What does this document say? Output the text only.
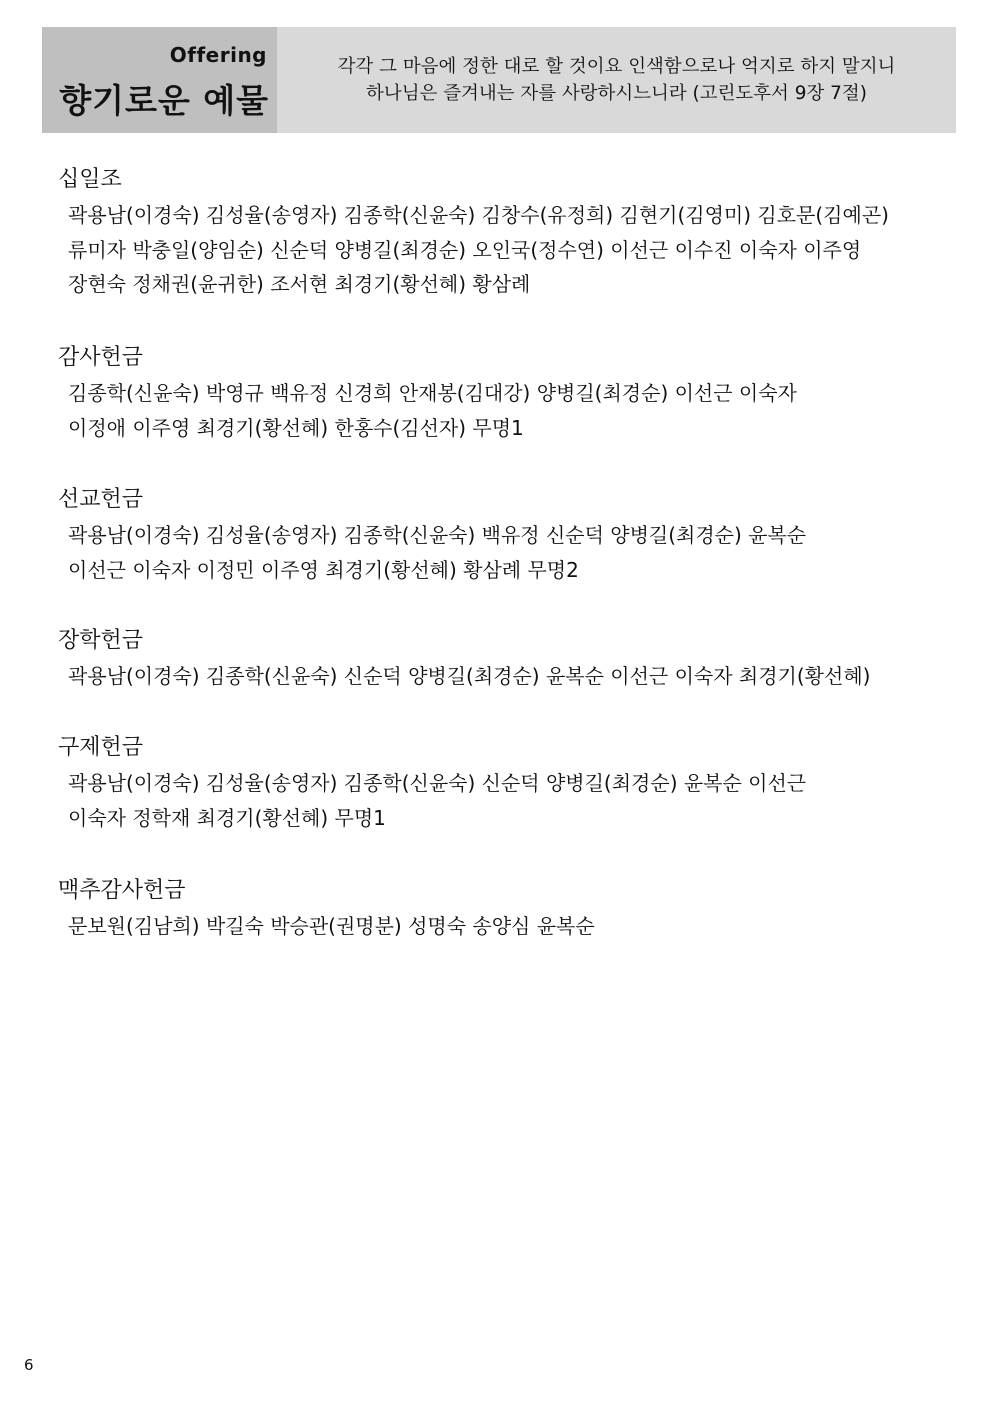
Offering
향기로운 예물
각각 그 마음에 정한 대로 할 것이요 인색함으로나 억지로 하지 말지니
하나님은 즐겨내는 자를 사랑하시느니라 (고린도후서 9장 7절)
십일조
곽용남(이경숙) 김성율(송영자) 김종학(신윤숙) 김창수(유정희) 김현기(김영미) 김호문(김예곤)
류미자 박충일(양임순) 신순덕 양병길(최경순) 오인국(정수연) 이선근 이수진 이숙자 이주영
장현숙 정채권(윤귀한) 조서현 최경기(황선혜) 황삼례
감사헌금
김종학(신윤숙) 박영규 백유정 신경희 안재봉(김대강) 양병길(최경순) 이선근 이숙자
이정애 이주영 최경기(황선혜) 한홍수(김선자) 무명1
선교헌금
곽용남(이경숙) 김성율(송영자) 김종학(신윤숙) 백유정 신순덕 양병길(최경순) 윤복순
이선근 이숙자 이정민 이주영 최경기(황선혜) 황삼례 무명2
장학헌금
곽용남(이경숙) 김종학(신윤숙) 신순덕 양병길(최경순) 윤복순 이선근 이숙자 최경기(황선혜)
구제헌금
곽용남(이경숙) 김성율(송영자) 김종학(신윤숙) 신순덕 양병길(최경순) 윤복순 이선근
이숙자 정학재 최경기(황선혜) 무명1
맥추감사헌금
문보원(김남희) 박길숙 박승관(권명분) 성명숙 송양심 윤복순
6
